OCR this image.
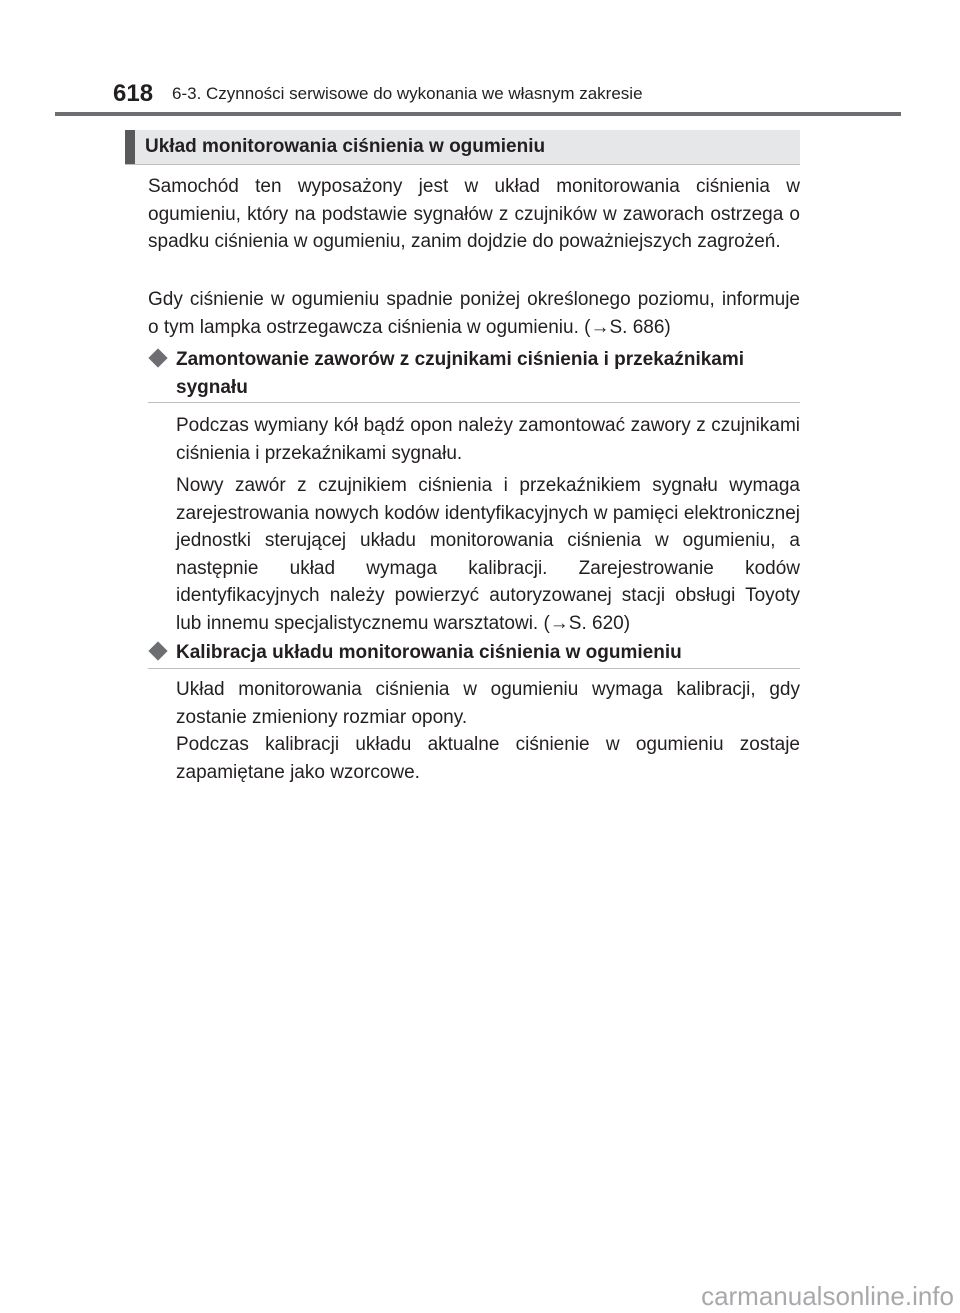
618 6-3. Czynności serwisowe do wykonania we własnym zakresie
Układ monitorowania ciśnienia w ogumieniu
Samochód ten wyposażony jest w układ monitorowania ciśnienia w ogumieniu, który na podstawie sygnałów z czujników w zaworach ostrzega o spadku ciśnienia w ogumieniu, zanim dojdzie do poważniejszych zagrożeń.
Gdy ciśnienie w ogumieniu spadnie poniżej określonego poziomu, informuje o tym lampka ostrzegawcza ciśnienia w ogumieniu. (→S. 686)
Zamontowanie zaworów z czujnikami ciśnienia i przekaźnikami sygnału
Podczas wymiany kół bądź opon należy zamontować zawory z czujnikami ciśnienia i przekaźnikami sygnału.
Nowy zawór z czujnikiem ciśnienia i przekaźnikiem sygnału wymaga zarejestrowania nowych kodów identyfikacyjnych w pamięci elektronicznej jednostki sterującej układu monitorowania ciśnienia w ogumieniu, a następnie układ wymaga kalibracji. Zarejestrowanie kodów identyfikacyjnych należy powierzyć autoryzowanej stacji obsługi Toyoty lub innemu specjalistycznemu warsztatowi. (→S. 620)
Kalibracja układu monitorowania ciśnienia w ogumieniu
Układ monitorowania ciśnienia w ogumieniu wymaga kalibracji, gdy zostanie zmieniony rozmiar opony.
Podczas kalibracji układu aktualne ciśnienie w ogumieniu zostaje zapamiętane jako wzorcowe.
carmanualsonline.info
